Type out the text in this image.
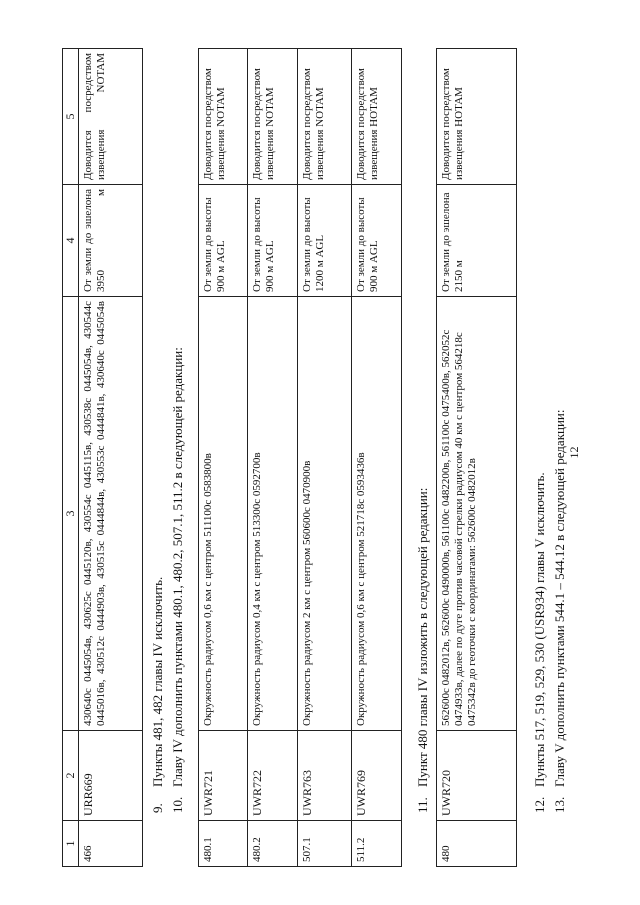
12
1	2	3	4	5
466	URR669	430640с 0445054в, 430625с 0445120в, 430554с 0445115в, 430538с 0445054в, 430544с 0445016в, 430512с 0444903в, 430515с 0444844в, 430553с 0444841в, 430640с 0445054в	От земли до эшелона 3950 м	Доводится посредством извещения NOTAM
9.Пункты 481, 482 главы IV исключить.
10.Главу IV дополнить пунктами 480.1, 480.2, 507.1, 511.2 в следующей редакции:
480.1	UWR721	Окружность радиусом 0,6 км с центром 511100с 0583800в	От земли до высоты 900 м AGL	Доводится посредством извещения NOTAM
480.2	UWR722	Окружность радиусом 0,4 км с центром 513300с 0592700в	От земли до высоты 900 м AGL	Доводится посредством извещения NOTAM
507.1	UWR763	Окружность радиусом 2 км с центром 560600с 0470900в	От земли до высоты 1200 м AGL	Доводится посредством извещения NOTAM
511.2	UWR769	Окружность радиусом 0,6 км с центром 521718с 0593436в	От земли до высоты 900 м AGL	Доводится посредством извещения НОТАМ
11.Пункт 480 главы IV изложить в следующей редакции:
480	UWR720	562600с 0482012в, 562600с 0490000в, 561100с 0482200в, 561100с 0475400в, 562052с 0474933в, далее по дуге против часовой стрелки радиусом 40 км с центром 564218с 0475342в до геоточки с координатами: 562600с 0482012в	От земли до эшелона 2150 м	Доводится посредством извещения НОТАМ
12.Пункты 517, 519, 529, 530 (USR934) главы V исключить.
13.Главу V дополнить пунктами 544.1 – 544.12 в следующей редакции:
